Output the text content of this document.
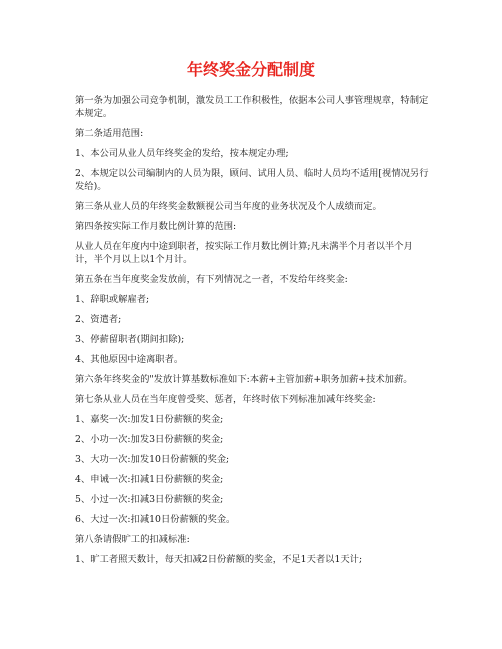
年终奖金分配制度

第一条为加强公司竞争机制，激发员工工作积极性，依据本公司人事管理规章，特制定本规定。

第二条适用范围:

1、本公司从业人员年终奖金的发给，按本规定办理;

2、本规定以公司编制内的人员为限，顾问、试用人员、临时人员均不适用[视情况另行发给)。

第三条从业人员的年终奖金数额视公司当年度的业务状况及个人成绩而定。

第四条按实际工作月数比例计算的范围:

从业人员在年度内中途到职者，按实际工作月数比例计算;凡未满半个月者以半个月计，半个月以上以1个月计。

第五条在当年度奖金发放前，有下列情况之一者，不发给年终奖金:

1、辞职或解雇者;

2、资遣者;

3、停薪留职者(期间扣除);

4、其他原因中途离职者。

第六条年终奖金的"发放计算基数标准如下:本薪+主管加薪+职务加薪+技术加薪。

第七条从业人员在当年度曾受奖、惩者，年终时依下列标准加减年终奖金:

1、嘉奖一次:加发1日份薪额的奖金;

2、小功一次:加发3日份薪额的奖金;

3、大功一次:加发10日份薪额的奖金;

4、申诫一次:扣减1日份薪额的奖金;

5、小过一次:扣减3日份薪额的奖金;

6、大过一次:扣减10日份薪额的奖金。

第八条请假旷工的扣减标准:

1、旷工者照天数计，每天扣减2日份薪额的奖金，不足1天者以1天计;
